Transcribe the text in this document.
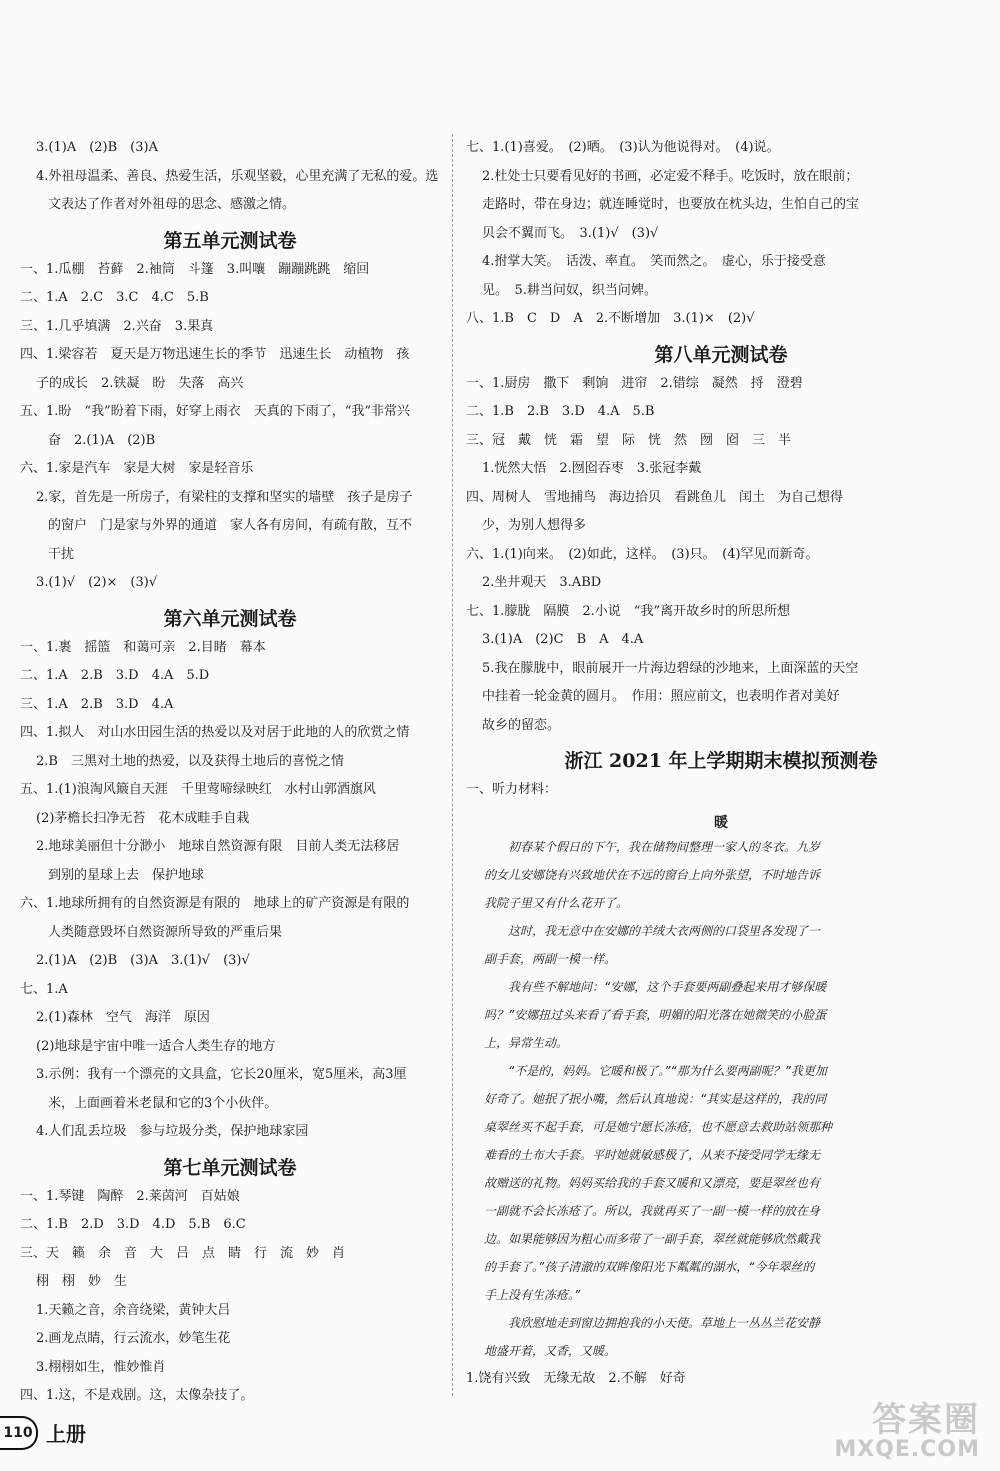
3.(1)A　(2)B　(3)A
4.外祖母温柔、善良、热爱生活，乐观坚毅，心里充满了无私的爱。选
文表达了作者对外祖母的思念、感激之情。
第五单元测试卷
一、1.瓜棚　苔藓　2.袖筒　斗篷　3.叫嚷　蹦蹦跳跳　缩回
二、1.A　2.C　3.C　4.C　5.B
三、1.几乎填满　2.兴奋　3.果真
四、1.梁容若　夏天是万物迅速生长的季节　迅速生长　动植物　孩
子的成长　2.铁凝　盼　失落　高兴
五、1.盼　“我”盼着下雨，好穿上雨衣　天真的下雨了，“我”非常兴
奋　2.(1)A　(2)B
六、1.家是汽车　家是大树　家是轻音乐
2.家，首先是一所房子，有梁柱的支撑和坚实的墙壁　孩子是房子
的窗户　门是家与外界的通道　家人各有房间，有疏有散，互不
干扰
3.(1)√　(2)×　(3)√
第六单元测试卷
一、1.裹　摇篮　和蔼可亲　2.目睹　幕本
二、1.A　2.B　3.D　4.A　5.D
三、1.A　2.B　3.D　4.A
四、1.拟人　对山水田园生活的热爱以及对居于此地的人的欣赏之情
2.B　三黑对土地的热爱，以及获得土地后的喜悦之情
五、1.(1)浪淘风簸自天涯　千里莺啼绿映红　水村山郭酒旗风
(2)茅檐长扫净无苔　花木成畦手自栽
2.地球美丽但十分渺小　地球自然资源有限　目前人类无法移居
到别的星球上去　保护地球
六、1.地球所拥有的自然资源是有限的　地球上的矿产资源是有限的
人类随意毁坏自然资源所导致的严重后果
2.(1)A　(2)B　(3)A　3.(1)√　(3)√
七、1.A
2.(1)森林　空气　海洋　原因
(2)地球是宇宙中唯一适合人类生存的地方
3.示例：我有一个漂亮的文具盒，它长20厘米，宽5厘米，高3厘
米，上面画着米老鼠和它的3个小伙伴。
4.人们乱丢垃圾　参与垃圾分类，保护地球家园
第七单元测试卷
一、1.琴键　陶醉　2.莱茵河　百姑娘
二、1.B　2.D　3.D　4.D　5.B　6.C
三、天　籁　余　音　大　吕　点　睛　行　流　妙　肖
栩　栩　妙　生
1.天籁之音，余音绕梁，黄钟大吕
2.画龙点睛，行云流水，妙笔生花
3.栩栩如生，惟妙惟肖
四、1.这，不是戏剧。这，太像杂技了。
七、1.(1)喜爱。　(2)晒。　(3)认为他说得对。　(4)说。
2.杜处士只要看见好的书画，必定爱不释手。吃饭时，放在眼前；
走路时，带在身边；就连睡觉时，也要放在枕头边，生怕自己的宝
贝会不翼而飞。　3.(1)√　(3)√
4.拊掌大笑。　话泼、率直。　笑而然之。　虚心，乐于接受意
见。　5.耕当问奴，织当问婢。
八、1.B　C　D　A　2.不断增加　3.(1)×　(2)√
第八单元测试卷
一、1.厨房　撒下　剩饷　进帘　2.错综　凝然　捋　澄碧
二、1.B　2.B　3.D　4.A　5.B
三、冠　戴　恍　霜　望　际　恍　然　囫　囵　三　半
1.恍然大悟　2.囫囵吞枣　3.张冠李戴
四、周树人　雪地捕鸟　海边拾贝　看跳鱼儿　闰土　为自己想得
少，为别人想得多
六、1.(1)向来。　(2)如此，这样。　(3)只。　(4)罕见而新奇。
2.坐井观天　3.ABD
七、1.朦胧　隔膜　2.小说　“我”离开故乡时的所思所想
3.(1)A　(2)C　B　A　4.A
5.我在朦胧中，眼前展开一片海边碧绿的沙地来，上面深蓝的天空
中挂着一轮金黄的圆月。　作用：照应前文，也表明作者对美好
故乡的留恋。
浙江 2021 年上学期期末模拟预测卷
一、听力材料：
暖
初春某个假日的下午，我在储物间整理一家人的冬衣。九岁
的女儿安娜饶有兴致地伏在不远的窗台上向外张望，不时地告诉
我院子里又有什么花开了。
这时，我无意中在安娜的羊绒大衣两侧的口袋里各发现了一
副手套，两副一模一样。
我有些不解地问：“安娜，这个手套要两副叠起来用才够保暖
吗？”安娜扭过头来看了看手套，明媚的阳光落在她微笑的小脸蛋
上，异常生动。
“不是的，妈妈。它暖和极了。”“那为什么要两副呢？”我更加
好奇了。她抿了抿小嘴，然后认真地说：“其实是这样的，我的同
桌翠丝买不起手套，可是她宁愿长冻疮，也不愿意去救助站领那种
难看的土布大手套。平时她就敏感极了，从来不接受同学无缘无
故赠送的礼物。妈妈买给我的手套又暖和又漂亮，要是翠丝也有
一副就不会长冻疮了。所以，我就再买了一副一模一样的放在身
边。如果能够因为粗心而多带了一副手套，翠丝就能够欣然戴我
的手套了。”孩子清澈的双眸像阳光下粼粼的湖水，“今年翠丝的
手上没有生冻疮。”
我欣慰地走到窗边拥抱我的小天使。草地上一丛丛兰花安静
地盛开着，又香，又暖。
1.饶有兴致　无缘无故　2.不解　好奇
110 上册	答案圈
MXQE.COM
